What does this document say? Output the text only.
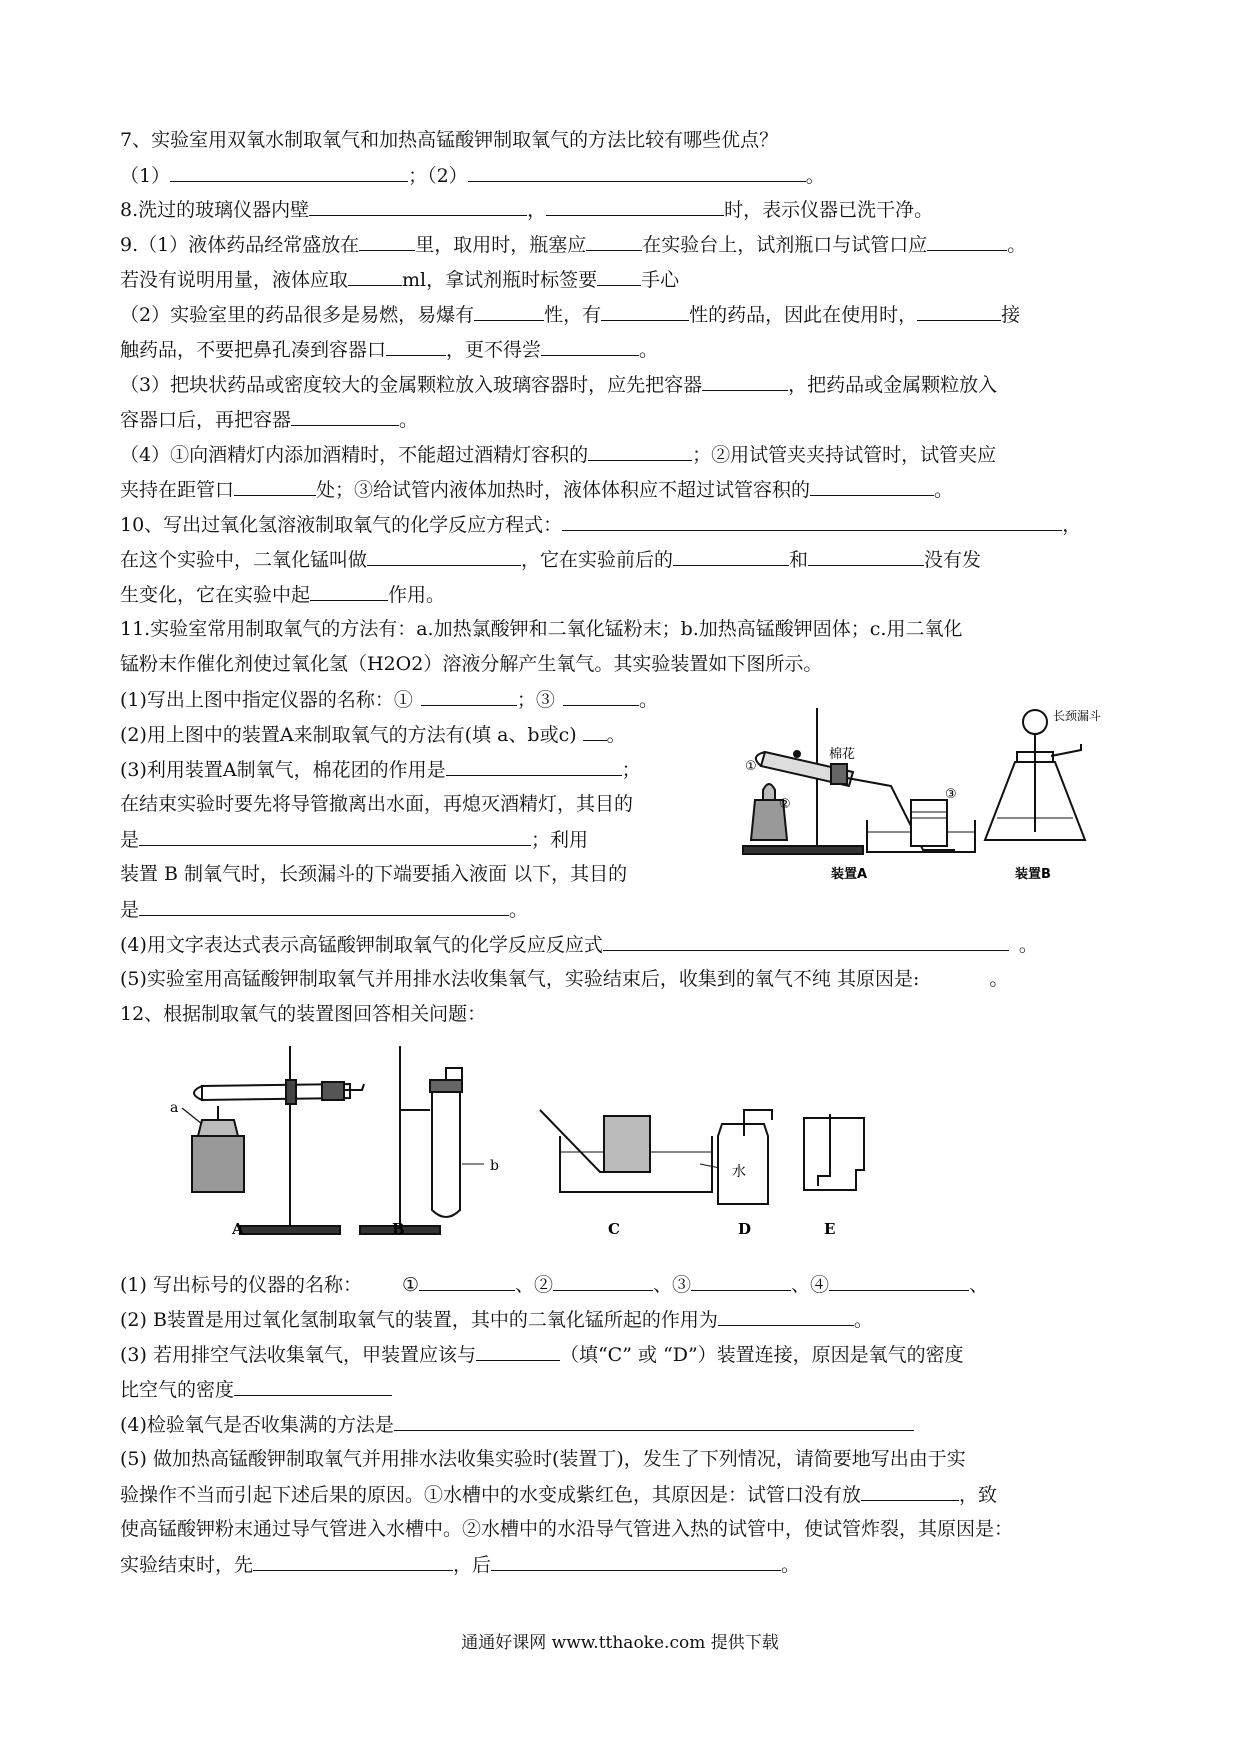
7、实验室用双氧水制取氧气和加热高锰酸钾制取氧气的方法比较有哪些优点？
（1）	；（2）	。
8.洗过的玻璃仪器内壁	，	时，表示仪器已洗干净。
9.（1）液体药品经常盛放在	里，取用时，瓶塞应	在实验台上，试剂瓶口与试管口应	。
若没有说明用量，液体应取	ml，拿试剂瓶时标签要 手心
（2）实验室里的药品很多是易燃，易爆有	性，有	性的药品，因此在使用时，	接
触药品，不要把鼻孔凑到容器口	，更不得尝	。
（3）把块状药品或密度较大的金属颗粒放入玻璃容器时，应先把容器	，把药品或金属颗粒放入
容器口后，再把容器	。
（4）①向酒精灯内添加酒精时，不能超过酒精灯容积的	；②用试管夹夹持试管时，试管夹应
夹持在距管口	处；③给试管内液体加热时，液体体积应不超过试管容积的	。
10、写出过氧化氢溶液制取氧气的化学反应方程式：	，
在这个实验中，二氧化锰叫做	，它在实验前后的	和	没有发
生变化，它在实验中起	作用。
11.实验室常用制取氧气的方法有：a.加热氯酸钾和二氧化锰粉末；b.加热高锰酸钾固体；c.用二氧化
锰粉末作催化剂使过氧化氢（H2O2）溶液分解产生氧气。其实验装置如下图所示。
(1)写出上图中指定仪器的名称：①	；③	。
(2)用上图中的装置A来制取氧气的方法有(填 a、b或c) 。
(3)利用装置A制氧气，棉花团的作用是	；
在结束实验时要先将导管撤离出水面，再熄灭酒精灯，其目的
是	；利用
装置 B 制氧气时，长颈漏斗的下端要插入液面 以下，其目的
是	。
(4)用文字表达式表示高锰酸钾制取氧气的化学反应反应式	。
(5)实验室用高锰酸钾制取氧气并用排水法收集氧气，实验结束后，收集到的氧气不纯 其原因是:	。
①
②
③
棉花
长颈漏斗
装置A	装置B
12、根据制取氧气的装置图回答相关问题：
a
b	水
A	B	C	D	E
(1) 写出标号的仪器的名称： ①	、②	、③	、④	、
(2) B装置是用过氧化氢制取氧气的装置，其中的二氧化锰所起的作用为	。
(3) 若用排空气法收集氧气，甲装置应该与	（填“C” 或 “D”）装置连接，原因是氧气的密度
比空气的密度
(4)检验氧气是否收集满的方法是
(5) 做加热高锰酸钾制取氧气并用排水法收集实验时(装置丁)，发生了下列情况，请简要地写出由于实
验操作不当而引起下述后果的原因。①水槽中的水变成紫红色，其原因是：试管口没有放	，致
使高锰酸钾粉末通过导气管进入水槽中。②水槽中的水沿导气管进入热的试管中，使试管炸裂，其原因是：
实验结束时，先	，后	。
通通好课网 www.tthaoke.com 提供下载
